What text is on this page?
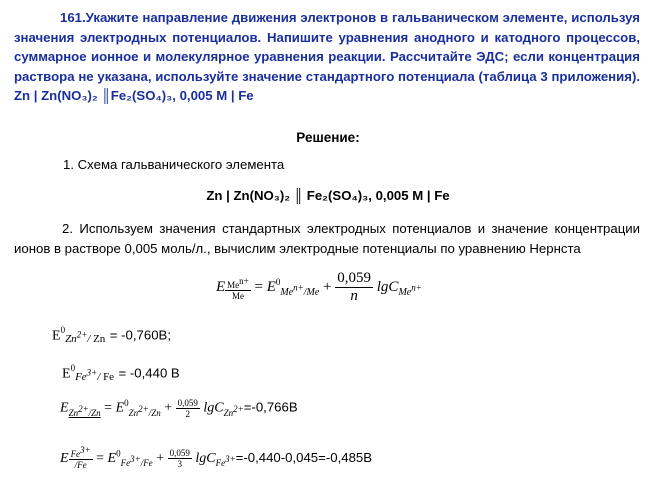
161.Укажите направление движения электронов в гальваническом элементе, используя значения электродных потенциалов. Напишите уравнения анодного и катодного процессов, суммарное ионное и молекулярное уравнения реакции. Рассчитайте ЭДС; если концентрация раствора не указана, используйте значение стандартного потенциала (таблица 3 приложения). Zn | Zn(NO₃)₂ ║Fe₂(SO₄)₃, 0,005 М | Fe
Решение:
1. Схема гальванического элемента
Zn | Zn(NO₃)₂ ║ Fe₂(SO₄)₃, 0,005 M | Fe
2. Используем значения стандартных электродных потенциалов и значение концентрации ионов в растворе 0,005 моль/л., вычислим электродные потенциалы по уравнению Нернста
E $\frac{Me^{n+}}{Me} = E^0_{Me^{n+}/Me} + \frac{0,059}{n} \lg C_{Me^{n+}}$
$E^0Zn^{2+}/$ Zn = -0,760В;
$E^0Fe^{3+}/$ Fe = -0,440 В
$E_{Zn^{2+}/Zn} = E^0_{Zn^{2+}/Zn} + \frac{0,059}{2} \lg C_{Zn^{2+}}=-0,766В$
E $\frac{Fe^{3+}}{/Fe} = E^0_{Fe^{3+}/Fe} + \frac{0,059}{3} \lg C_{Fe^{3+}}=-0,440-0,045=-0,485В$
